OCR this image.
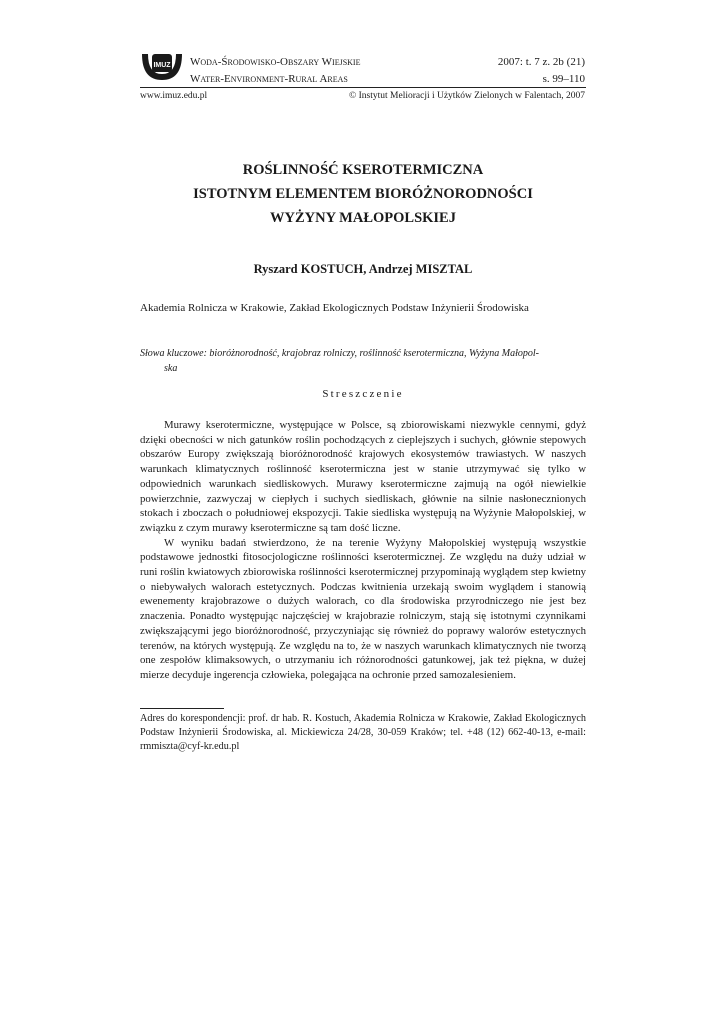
IMUZ Woda-Środowisko-Obszary Wiejskie
Water-Environment-Rural Areas
2007: t. 7 z. 2b (21)
s. 99–110
www.imuz.edu.pl	© Instytut Melioracji i Użytków Zielonych w Falentach, 2007
ROŚLINNOŚĆ KSEROTERMICZNA
ISTOTNYM ELEMENTEM BIORÓŻNORODNOŚCI
WYŻYNY MAŁOPOLSKIEJ
Ryszard KOSTUCH, Andrzej MISZTAL
Akademia Rolnicza w Krakowie, Zakład Ekologicznych Podstaw Inżynierii Środowiska
Słowa kluczowe: bioróżnorodność, krajobraz rolniczy, roślinność kserotermiczna, Wyżyna Małopol-
ska
Streszczenie

Murawy kserotermiczne, występujące w Polsce, są zbiorowiskami niezwykle cennymi, gdyż dzięki obecności w nich gatunków roślin pochodzących z cieplejszych i suchych, głównie stepowych obszarów Europy zwiększają bioróżnorodność krajowych ekosystemów trawiastych. W naszych warunkach klimatycznych roślinność kserotermiczna jest w stanie utrzymywać się tylko w odpowiednich warunkach siedliskowych. Murawy kserotermiczne zajmują na ogół niewielkie powierzchnie, zazwyczaj w ciepłych i suchych siedliskach, głównie na silnie nasłonecznionych stokach i zboczach o południowej ekspozycji. Takie siedliska występują na Wyżynie Małopolskiej, w związku z czym murawy kserotermiczne są tam dość liczne.

W wyniku badań stwierdzono, że na terenie Wyżyny Małopolskiej występują wszystkie podstawowe jednostki fitosocjologiczne roślinności kserotermicznej. Ze względu na duży udział w runi roślin kwiatowych zbiorowiska roślinności kserotermicznej przypominają wyglądem step kwietny o niebywałych walorach estetycznych. Podczas kwitnienia urzekają swoim wyglądem i stanowią ewenementy krajobrazowe o dużych walorach, co dla środowiska przyrodniczego nie jest bez znaczenia. Ponadto występując najczęściej w krajobrazie rolniczym, stają się istotnymi czynnikami zwiększającymi jego bioróżnorodność, przyczyniając się również do poprawy walorów estetycznych terenów, na których występują. Ze względu na to, że w naszych warunkach klimatycznych nie tworzą one zespołów klimaksowych, o utrzymaniu ich różnorodności gatunkowej, jak też piękna, w dużej mierze decyduje ingerencja człowieka, polegająca na ochronie przed samozalesieniem.

Adres do korespondencji: prof. dr hab. R. Kostuch, Akademia Rolnicza w Krakowie, Zakład Ekologicznych Podstaw Inżynierii Środowiska, al. Mickiewicza 24/28, 30-059 Kraków; tel. +48 (12) 662-40-13, e-mail: rmmiszta@cyf-kr.edu.pl
